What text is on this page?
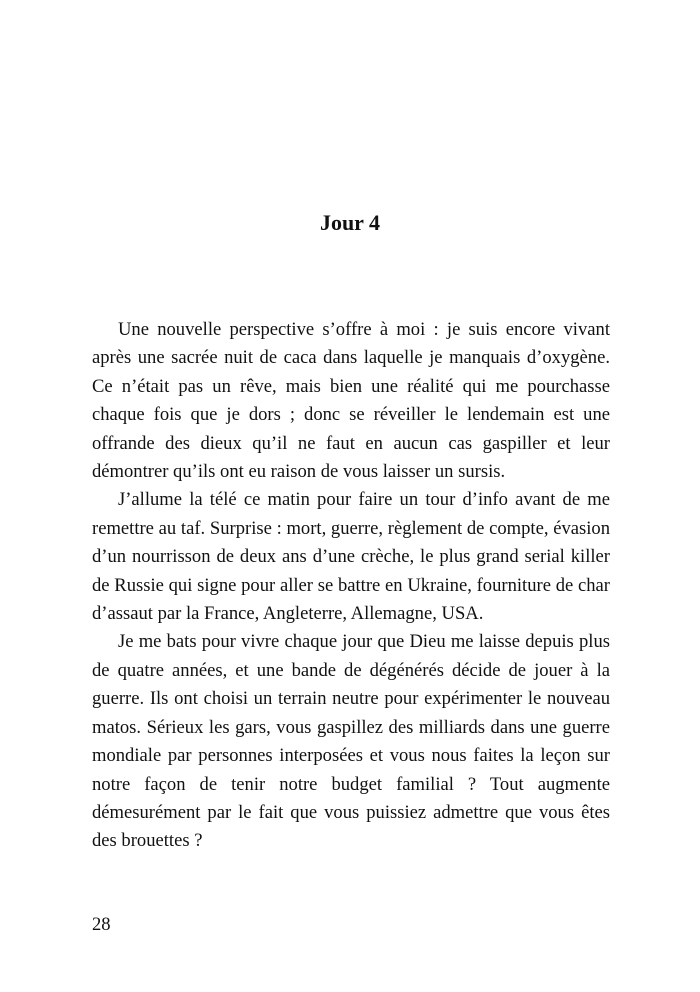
Jour 4

Une nouvelle perspective s’offre à moi : je suis encore vivant après une sacrée nuit de caca dans laquelle je manquais d’oxygène. Ce n’était pas un rêve, mais bien une réalité qui me pourchasse chaque fois que je dors ; donc se réveiller le lendemain est une offrande des dieux qu’il ne faut en aucun cas gaspiller et leur démontrer qu’ils ont eu raison de vous laisser un sursis.

J’allume la télé ce matin pour faire un tour d’info avant de me remettre au taf. Surprise : mort, guerre, règlement de compte, évasion d’un nourrisson de deux ans d’une crèche, le plus grand serial killer de Russie qui signe pour aller se battre en Ukraine, fourniture de char d’assaut par la France, Angleterre, Allemagne, USA.

Je me bats pour vivre chaque jour que Dieu me laisse depuis plus de quatre années, et une bande de dégénérés décide de jouer à la guerre. Ils ont choisi un terrain neutre pour expérimenter le nouveau matos. Sérieux les gars, vous gaspillez des milliards dans une guerre mondiale par personnes interposées et vous nous faites la leçon sur notre façon de tenir notre budget familial ? Tout augmente démesurément par le fait que vous puissiez admettre que vous êtes des brouettes ?

28
